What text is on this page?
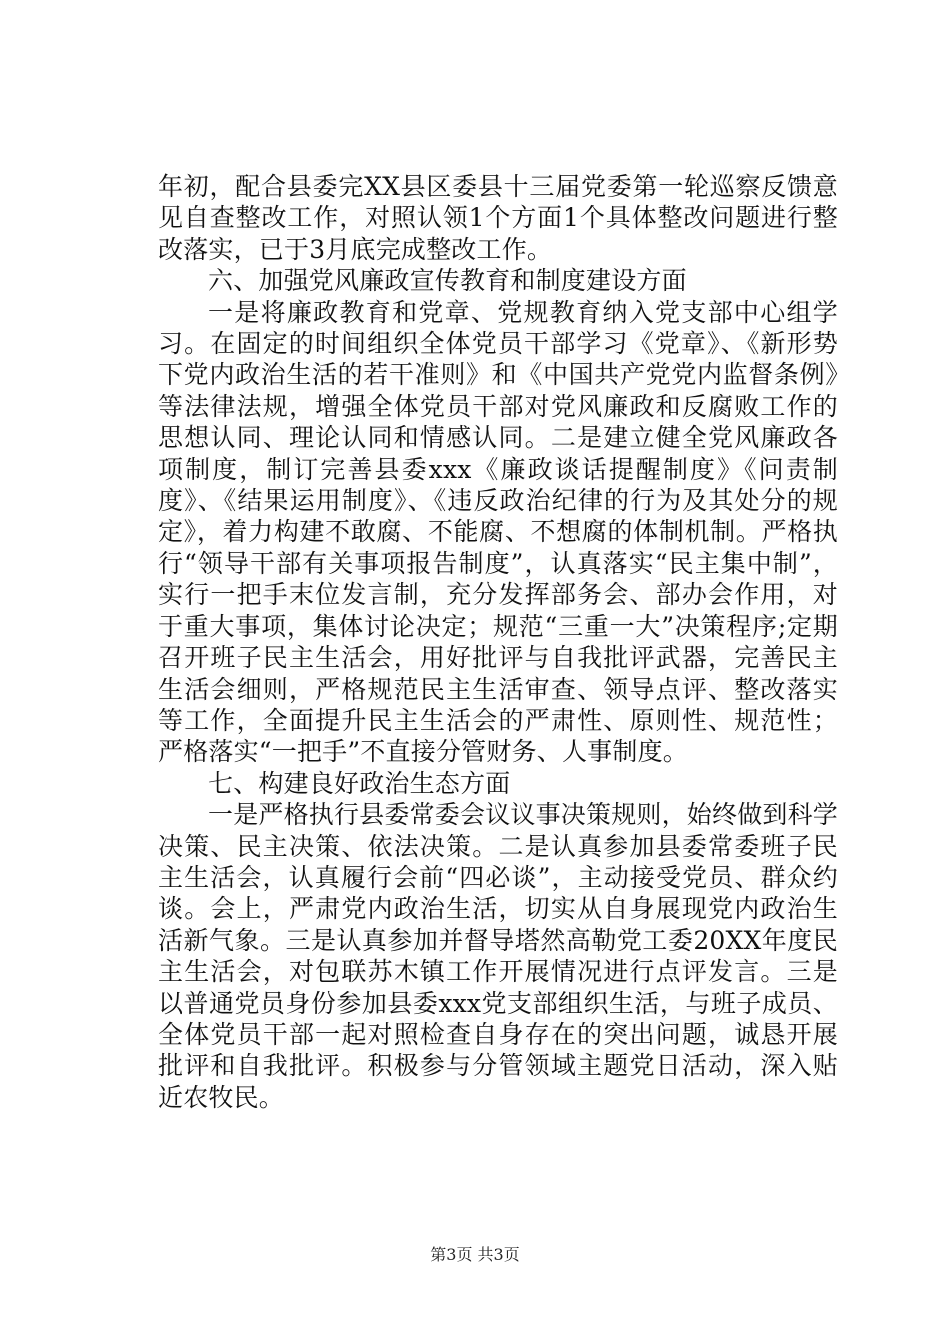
年初，配合县委完XX县区委县十三届党委第一轮巡察反馈意见自查整改工作，对照认领1个方面1个具体整改问题进行整改落实，已于3月底完成整改工作。

六、加强党风廉政宣传教育和制度建设方面

一是将廉政教育和党章、党规教育纳入党支部中心组学习。在固定的时间组织全体党员干部学习《党章》、《新形势下党内政治生活的若干准则》和《中国共产党党内监督条例》等法律法规，增强全体党员干部对党风廉政和反腐败工作的思想认同、理论认同和情感认同。二是建立健全党风廉政各项制度，制订完善县委xxx《廉政谈话提醒制度》《问责制度》、《结果运用制度》、《违反政治纪律的行为及其处分的规定》，着力构建不敢腐、不能腐、不想腐的体制机制。严格执行“领导干部有关事项报告制度”，认真落实“民主集中制”，实行一把手末位发言制，充分发挥部务会、部办会作用，对于重大事项，集体讨论决定；规范“三重一大”决策程序;定期召开班子民主生活会，用好批评与自我批评武器，完善民主生活会细则，严格规范民主生活审查、领导点评、整改落实等工作，全面提升民主生活会的严肃性、原则性、规范性；严格落实“一把手”不直接分管财务、人事制度。

七、构建良好政治生态方面

一是严格执行县委常委会议议事决策规则，始终做到科学决策、民主决策、依法决策。二是认真参加县委常委班子民主生活会，认真履行会前“四必谈”，主动接受党员、群众约谈。会上，严肃党内政治生活，切实从自身展现党内政治生活新气象。三是认真参加并督导塔然高勒党工委20XX年度民主生活会，对包联苏木镇工作开展情况进行点评发言。三是以普通党员身份参加县委xxx党支部组织生活，与班子成员、全体党员干部一起对照检查自身存在的突出问题，诚恳开展批评和自我批评。积极参与分管领域主题党日活动，深入贴近农牧民。

第3页 共3页
